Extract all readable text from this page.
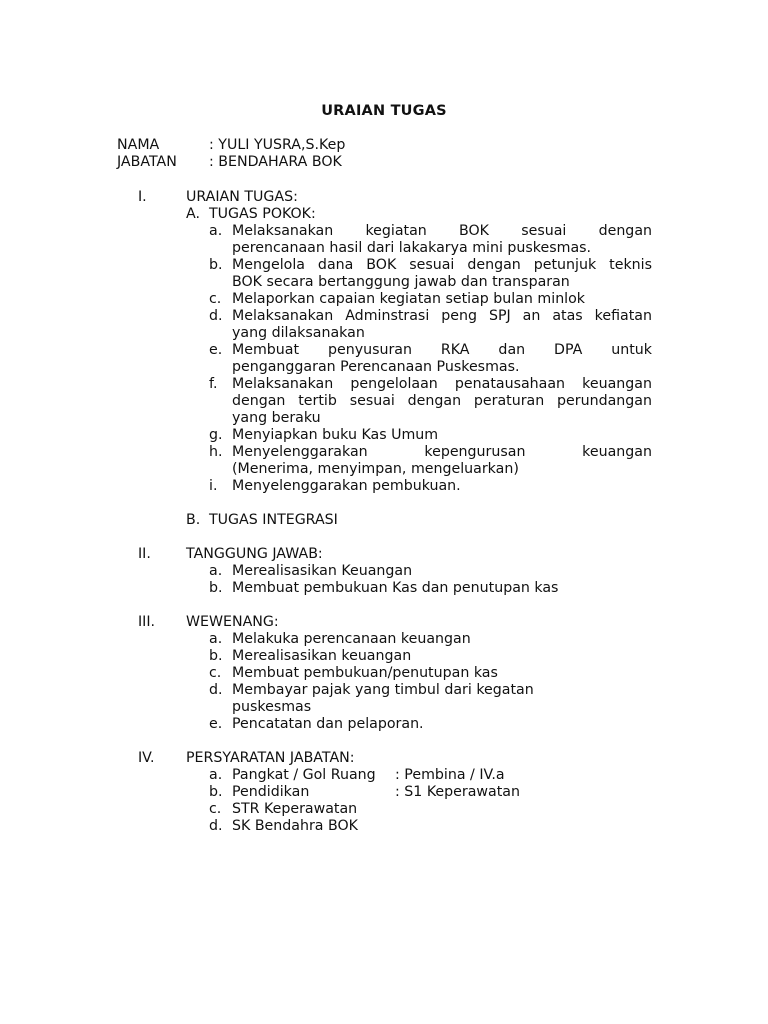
URAIAN TUGAS
NAMA	: YULI YUSRA,S.Kep
JABATAN : BENDAHARA BOK
I.	URAIAN TUGAS:
A. TUGAS POKOK:
a. Melaksanakan kegiatan BOK sesuai dengan
perencanaan hasil dari lakakarya mini puskesmas.
b. Mengelola dana BOK sesuai dengan petunjuk teknis
BOK secara bertanggung jawab dan transparan
c. Melaporkan capaian kegiatan setiap bulan minlok
d. Melaksanakan Adminstrasi peng SPJ an atas kefiatan
yang dilaksanakan
e. Membuat penyusuran RKA dan DPA untuk
penganggaran Perencanaan Puskesmas.
f. Melaksanakan pengelolaan penatausahaan keuangan
dengan tertib sesuai dengan peraturan perundangan
yang beraku
g. Menyiapkan buku Kas Umum
h. Menyelenggarakan kepengurusan keuangan
(Menerima, menyimpan, mengeluarkan)
i. Menyelenggarakan pembukuan.
B. TUGAS INTEGRASI
II. TANGGUNG JAWAB:
a. Merealisasikan Keuangan
b. Membuat pembukuan Kas dan penutupan kas
III. WEWENANG:
a. Melakuka perencanaan keuangan
b. Merealisasikan keuangan
c. Membuat pembukuan/penutupan kas
d. Membayar pajak yang timbul dari kegatan
puskesmas
e. Pencatatan dan pelaporan.
IV. PERSYARATAN JABATAN:
a. Pangkat / Gol Ruang	: Pembina / IV.a
b. Pendidikan	: S1 Keperawatan
c. STR Keperawatan
d. SK Bendahra BOK
